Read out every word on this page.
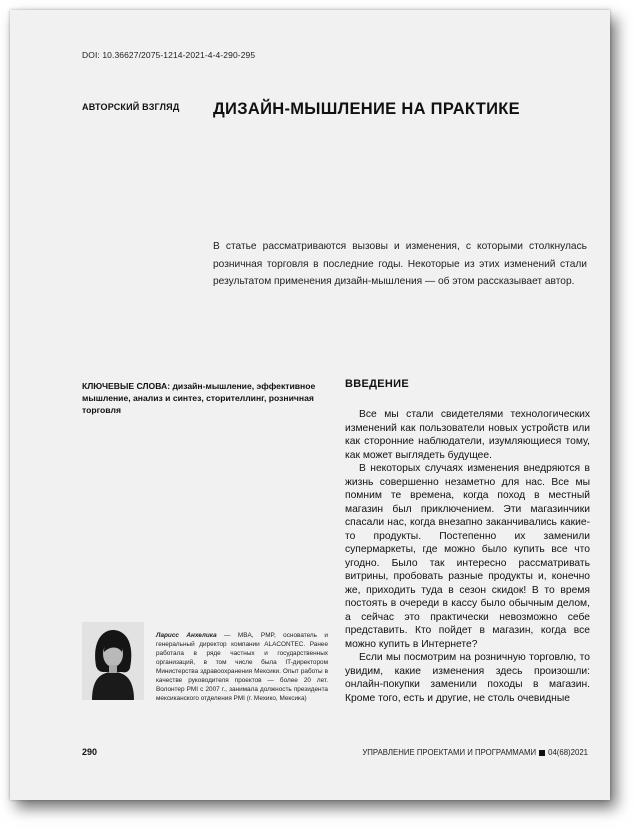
DOI: 10.36627/2075-1214-2021-4-4-290-295
АВТОРСКИЙ ВЗГЛЯД ДИЗАЙН-МЫШЛЕНИЕ НА ПРАКТИКЕ
В статье рассматриваются вызовы и изменения, с которыми столкнулась розничная торговля в последние годы. Некоторые из этих изменений стали результатом применения дизайн-мышления — об этом рассказывает автор.
КЛЮЧЕВЫЕ СЛОВА: дизайн-мышление, эффективное мышление, анализ и синтез, сторителлинг, розничная торговля
ВВЕДЕНИЕ

Все мы стали свидетелями технологических изменений как пользователи новых устройств или как сторонние наблюдатели, изумляющиеся тому, как может выглядеть будущее.

В некоторых случаях изменения внедряются в жизнь совершенно незаметно для нас. Все мы помним те времена, когда поход в местный магазин был приключением. Эти магазинчики спасали нас, когда внезапно заканчивались какие-то продукты. Постепенно их заменили супермаркеты, где можно было купить все что угодно. Было так интересно рассматривать витрины, пробовать разные продукты и, конечно же, приходить туда в сезон скидок! В то время постоять в очереди в кассу было обычным делом, а сейчас это практически невозможно себе представить. Кто пойдет в магазин, когда все можно купить в Интернете?

Если мы посмотрим на розничную торговлю, то увидим, какие изменения здесь произошли: онлайн-покупки заменили походы в магазин. Кроме того, есть и другие, не столь очевидные

Ларисс Анхелика — MBA, PMP, основатель и генеральный директор компании ALACONTEC. Ранее работала в ряде частных и государственных организаций, в том числе была IT-директором Министерства здравоохранения Мексики. Опыт работы в качестве руководителя проектов — более 20 лет. Волонтер PMI с 2007 г., занимала должность президента мексиканского отделения PMI (г. Мехико, Мексика)
290	УПРАВЛЕНИЕ ПРОЕКТАМИ И ПРОГРАММАМИ 04(68)2021
